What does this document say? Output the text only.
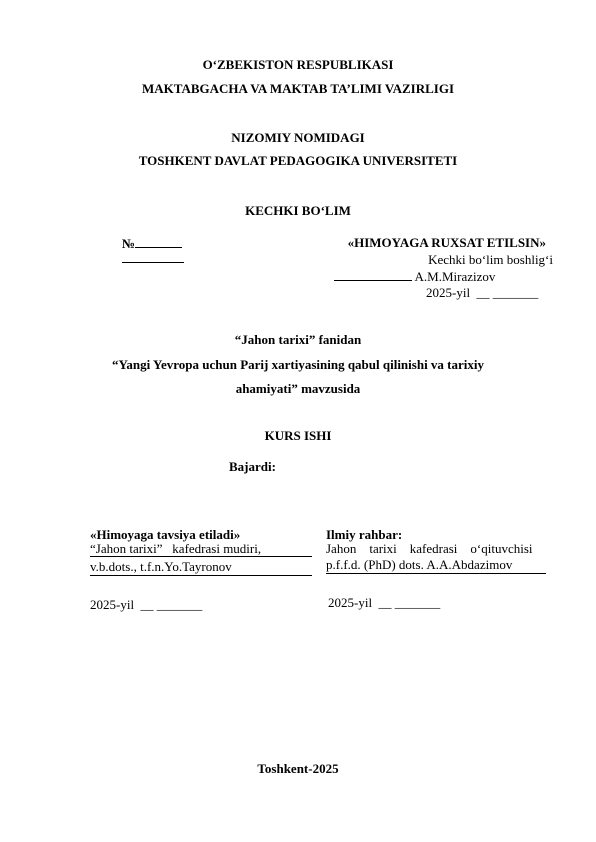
O‘ZBEKISTON RESPUBLIKASI
MAKTABGACHA VA MAKTAB TA’LIMI VAZIRLIGI
NIZOMIY NOMIDAGI
TOSHKENT DAVLAT PEDAGOGIKA UNIVERSITETI
KECHKI BO‘LIM
№	«HIMOYAGA RUXSAT ETILSIN»
Kechki bo‘lim boshlig‘i
A.M.Mirazizov
2025-yil  __ _______
“Jahon tarixi” fanidan
“Yangi Yevropa uchun Parij xartiyasining qabul qilinishi va tarixiy
ahamiyati” mavzusida
KURS ISHI
Bajardi:
«Himoyaga tavsiya etiladi»
“Jahon tarixi”   kafedrasi mudiri,
v.b.dots., t.f.n.Yo.Tayronov
2025-yil  __ _______
Ilmiy rahbar:
Jahon    tarixi    kafedrasi    o‘qituvchisi
p.f.f.d. (PhD) dots. A.A.Abdazimov
2025-yil  __ _______
Toshkent-2025
